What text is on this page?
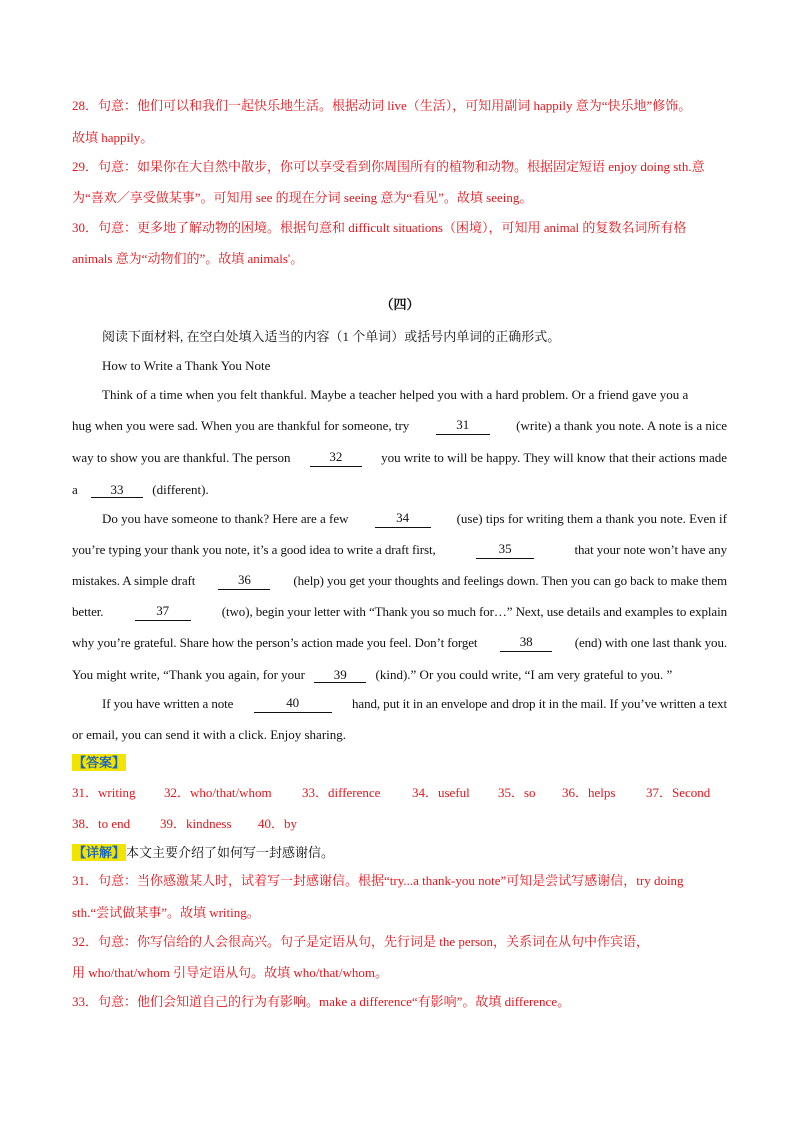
28．句意：他们可以和我们一起快乐地生活。根据动词 live（生活），可知用副词 happily 意为“快乐地”修饰。
故填 happily。
29．句意：如果你在大自然中散步，你可以享受看到你周围所有的植物和动物。根据固定短语 enjoy doing sth.意
为“喜欢／享受做某事”。可知用 see 的现在分词 seeing 意为“看见”。故填 seeing。
30．句意：更多地了解动物的困境。根据句意和 difficult situations（困境），可知用 animal 的复数名词所有格
animals 意为“动物们的”。故填 animals'。
（四）
阅读下面材料, 在空白处填入适当的内容（1 个单词）或括号内单词的正确形式。
How to Write a Thank You Note
Think of a time when you felt thankful. Maybe a teacher helped you with a hard problem. Or a friend gave you a
hug when you were sad. When you are thankful for someone, try	31	(write) a thank you note. A note is a nice
way to show you are thankful. The person	32	you write to will be happy. They will know that their actions made
a	33 (different).
Do you have someone to thank? Here are a few	34	(use) tips for writing them a thank you note. Even if
you’re typing your thank you note, it’s a good idea to write a draft first,	35	that your note won’t have any
mistakes. A simple draft	36	(help) you get your thoughts and feelings down. Then you can go back to make them
better.	37	(two), begin your letter with “Thank you so much for…” Next, use details and examples to explain
why you’re grateful. Share how the person’s action made you feel. Don’t forget	38	(end) with one last thank you.
You might write, “Thank you again, for your 39 (kind).” Or you could write, “I am very grateful to you. ”
If you have written a note	40	hand, put it in an envelope and drop it in the mail. If you’ve written a text
or email, you can send it with a click. Enjoy sharing.
【答案】
31．writing 32．who/that/whom 33．difference 34．useful 35．so 36．helps 37．Second
38．to end 39．kindness 40．by
【详解】本文主要介绍了如何写一封感谢信。
31．句意：当你感激某人时，试着写一封感谢信。根据“try...a thank-you note”可知是尝试写感谢信，try doing
sth.“尝试做某事”。故填 writing。
32．句意：你写信给的人会很高兴。句子是定语从句，先行词是 the person，关系词在从句中作宾语，
用 who/that/whom 引导定语从句。故填 who/that/whom。
33．句意：他们会知道自己的行为有影响。make a difference“有影响”。故填 difference。
